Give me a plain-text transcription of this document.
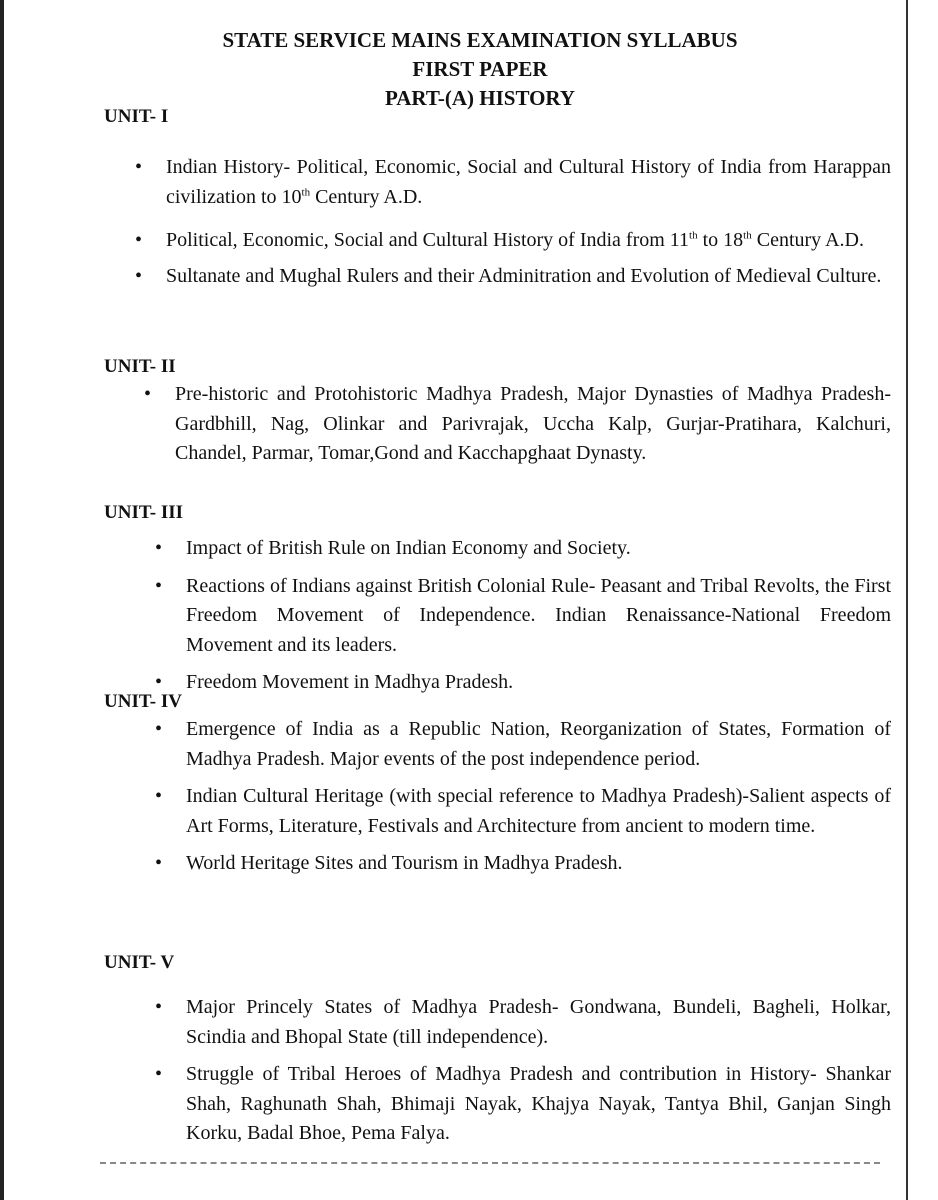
STATE SERVICE MAINS EXAMINATION SYLLABUS
FIRST PAPER
PART-(A) HISTORY
UNIT- I
• Indian History- Political, Economic, Social and Cultural History of India from Harappan civilization to 10th Century A.D.
• Political, Economic, Social and Cultural History of India from 11th to 18th Century A.D.
• Sultanate and Mughal Rulers and their Adminitration and Evolution of Medieval Culture.
UNIT- II
• Pre-historic and Protohistoric Madhya Pradesh, Major Dynasties of Madhya Pradesh- Gardbhill, Nag, Olinkar and Parivrajak, Uccha Kalp, Gurjar-Pratihara, Kalchuri, Chandel, Parmar, Tomar,Gond and Kacchapghaat Dynasty.
UNIT- III
• Impact of British Rule on Indian Economy and Society.
• Reactions of Indians against British Colonial Rule- Peasant and Tribal Revolts, the First Freedom Movement of Independence. Indian Renaissance-National Freedom Movement and its leaders.
• Freedom Movement in Madhya Pradesh.
UNIT- IV
• Emergence of India as a Republic Nation, Reorganization of States, Formation of Madhya Pradesh. Major events of the post independence period.
• Indian Cultural Heritage (with special reference to Madhya Pradesh)-Salient aspects of Art Forms, Literature, Festivals and Architecture from ancient to modern time.
• World Heritage Sites and Tourism in Madhya Pradesh.
UNIT- V
• Major Princely States of Madhya Pradesh- Gondwana, Bundeli, Bagheli, Holkar, Scindia and Bhopal State (till independence).
• Struggle of Tribal Heroes of Madhya Pradesh and contribution in History- Shankar Shah, Raghunath Shah, Bhimaji Nayak, Khajya Nayak, Tantya Bhil, Ganjan Singh Korku, Badal Bhoe, Pema Falya.
